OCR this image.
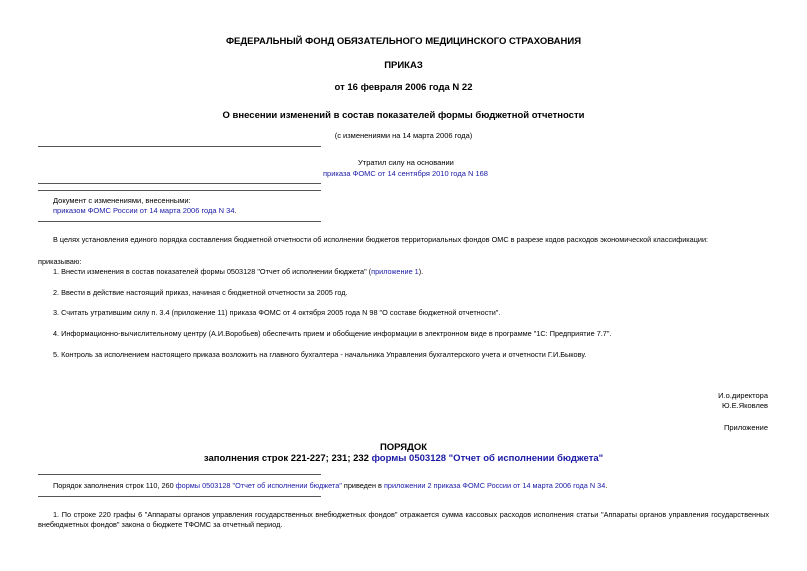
ФЕДЕРАЛЬНЫЙ ФОНД ОБЯЗАТЕЛЬНОГО МЕДИЦИНСКОГО СТРАХОВАНИЯ
ПРИКАЗ
от 16 февраля 2006 года N 22
О внесении изменений в состав показателей формы бюджетной отчетности
(с изменениями на 14 марта 2006 года)
Утратил силу на основании
приказа ФОМС от 14 сентября 2010 года N 168
Документ с изменениями, внесенными:
приказом ФОМС России от 14 марта 2006 года N 34.
В целях установления единого порядка составления бюджетной отчетности об исполнении бюджетов территориальных фондов ОМС в разрезе кодов расходов экономической классификации:
приказываю:
1. Внести изменения в состав показателей формы 0503128 "Отчет об исполнении бюджета" (приложение 1).
2. Ввести в действие настоящий приказ, начиная с бюджетной отчетности за 2005 год.
3. Считать утратившим силу п. 3.4 (приложение 11) приказа ФОМС от 4 октября 2005 года N 98 "О составе бюджетной отчетности".
4. Информационно-вычислительному центру (А.И.Воробьев) обеспечить прием и обобщение информации в электронном виде в программе "1С: Предприятие 7.7".
5. Контроль за исполнением настоящего приказа возложить на главного бухгалтера - начальника Управления бухгалтерского учета и отчетности Г.И.Быкову.
И.о.директора
Ю.Е.Яковлев
Приложение
ПОРЯДОК
заполнения строк 221-227; 231; 232 формы 0503128 "Отчет об исполнении бюджета"
Порядок заполнения строк 110, 260 формы 0503128 "Отчет об исполнении бюджета" приведен в приложении 2 приказа ФОМС России от 14 марта 2006 года N 34.
1. По строке 220 графы 6 "Аппараты органов управления государственных внебюджетных фондов" отражается сумма кассовых расходов исполнения статьи "Аппараты органов управления государственных внебюджетных фондов" закона о бюджете ТФОМС за отчетный период.
